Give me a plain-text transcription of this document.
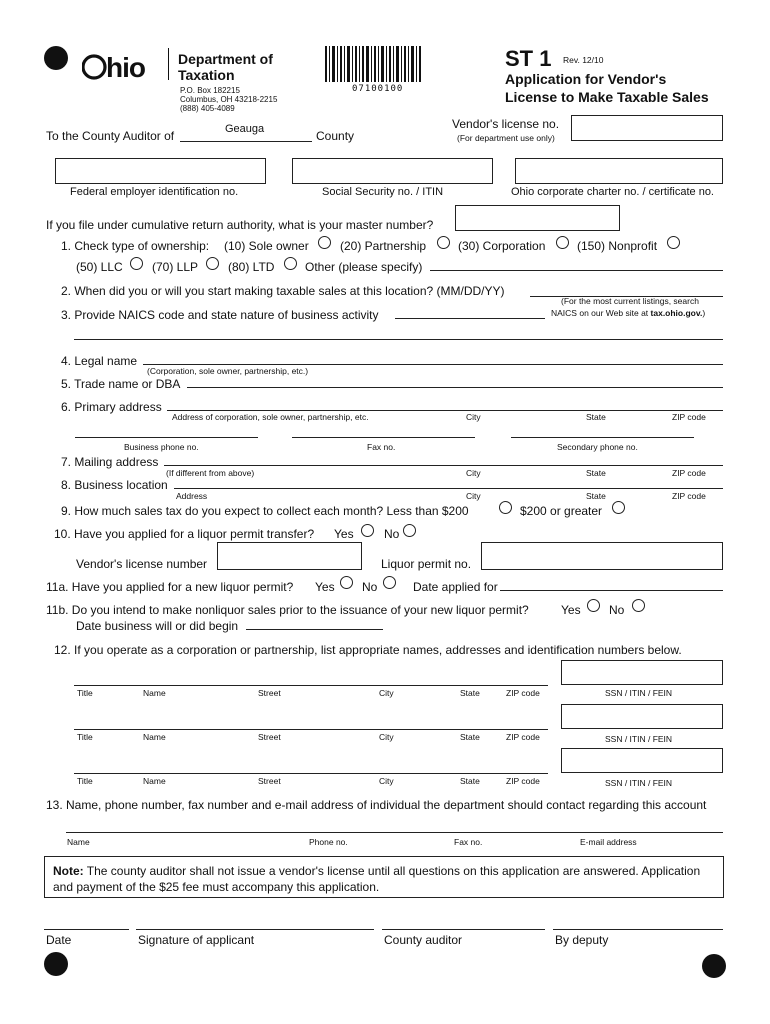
hio Department of
Taxation
P.O. Box 182215
Columbus, OH 43218-2215
(888) 405-4089
07100100
ST 1 Rev. 12/10
Application for Vendor's
License to Make Taxable Sales
To the County Auditor of	Geauga	County
Vendor's license no.
(For department use only)
Federal employer identification no.	Social Security no. / ITIN	Ohio corporate charter no. / certificate no.
If you file under cumulative return authority, what is your master number?
1. Check type of ownership: (10) Sole owner	(20) Partnership	(30) Corporation	(150) Nonprofit
(50) LLC (70) LLP (80) LTD	Other (please specify)
2. When did you or will you start making taxable sales at this location? (MM/DD/YY)
3. Provide NAICS code and state nature of business activity
(For the most current listings, search
NAICS on our Web site at tax.ohio.gov.)
4. Legal name
(Corporation, sole owner, partnership, etc.)
5. Trade name or DBA
6. Primary address
Address of corporation, sole owner, partnership, etc.	City	State	ZIP code
Business phone no.	Fax no.	Secondary phone no.
7. Mailing address
(If different from above)	City	State	ZIP code
8. Business location
Address	City	State	ZIP code
9. How much sales tax do you expect to collect each month? Less than $200	$200 or greater
10. Have you applied for a liquor permit transfer? Yes	No
Vendor's license number	Liquor permit no.
11a. Have you applied for a new liquor permit? Yes No	Date applied for
11b. Do you intend to make nonliquor sales prior to the issuance of your new liquor permit?	Yes No
Date business will or did begin
12. If you operate as a corporation or partnership, list appropriate names, addresses and identification numbers below.
Title	Name	Street	City	State	ZIP code	SSN / ITIN / FEIN
Title	Name	Street	City	State	ZIP code	SSN / ITIN / FEIN
Title	Name	Street	City	State	ZIP code	SSN / ITIN / FEIN
13. Name, phone number, fax number and e-mail address of individual the department should contact regarding this account
Name	Phone no.	Fax no.	E-mail address
Note: The county auditor shall not issue a vendor's license until all questions on this application are answered. Application
and payment of the $25 fee must accompany this application.
Date	Signature of applicant	County auditor	By deputy
